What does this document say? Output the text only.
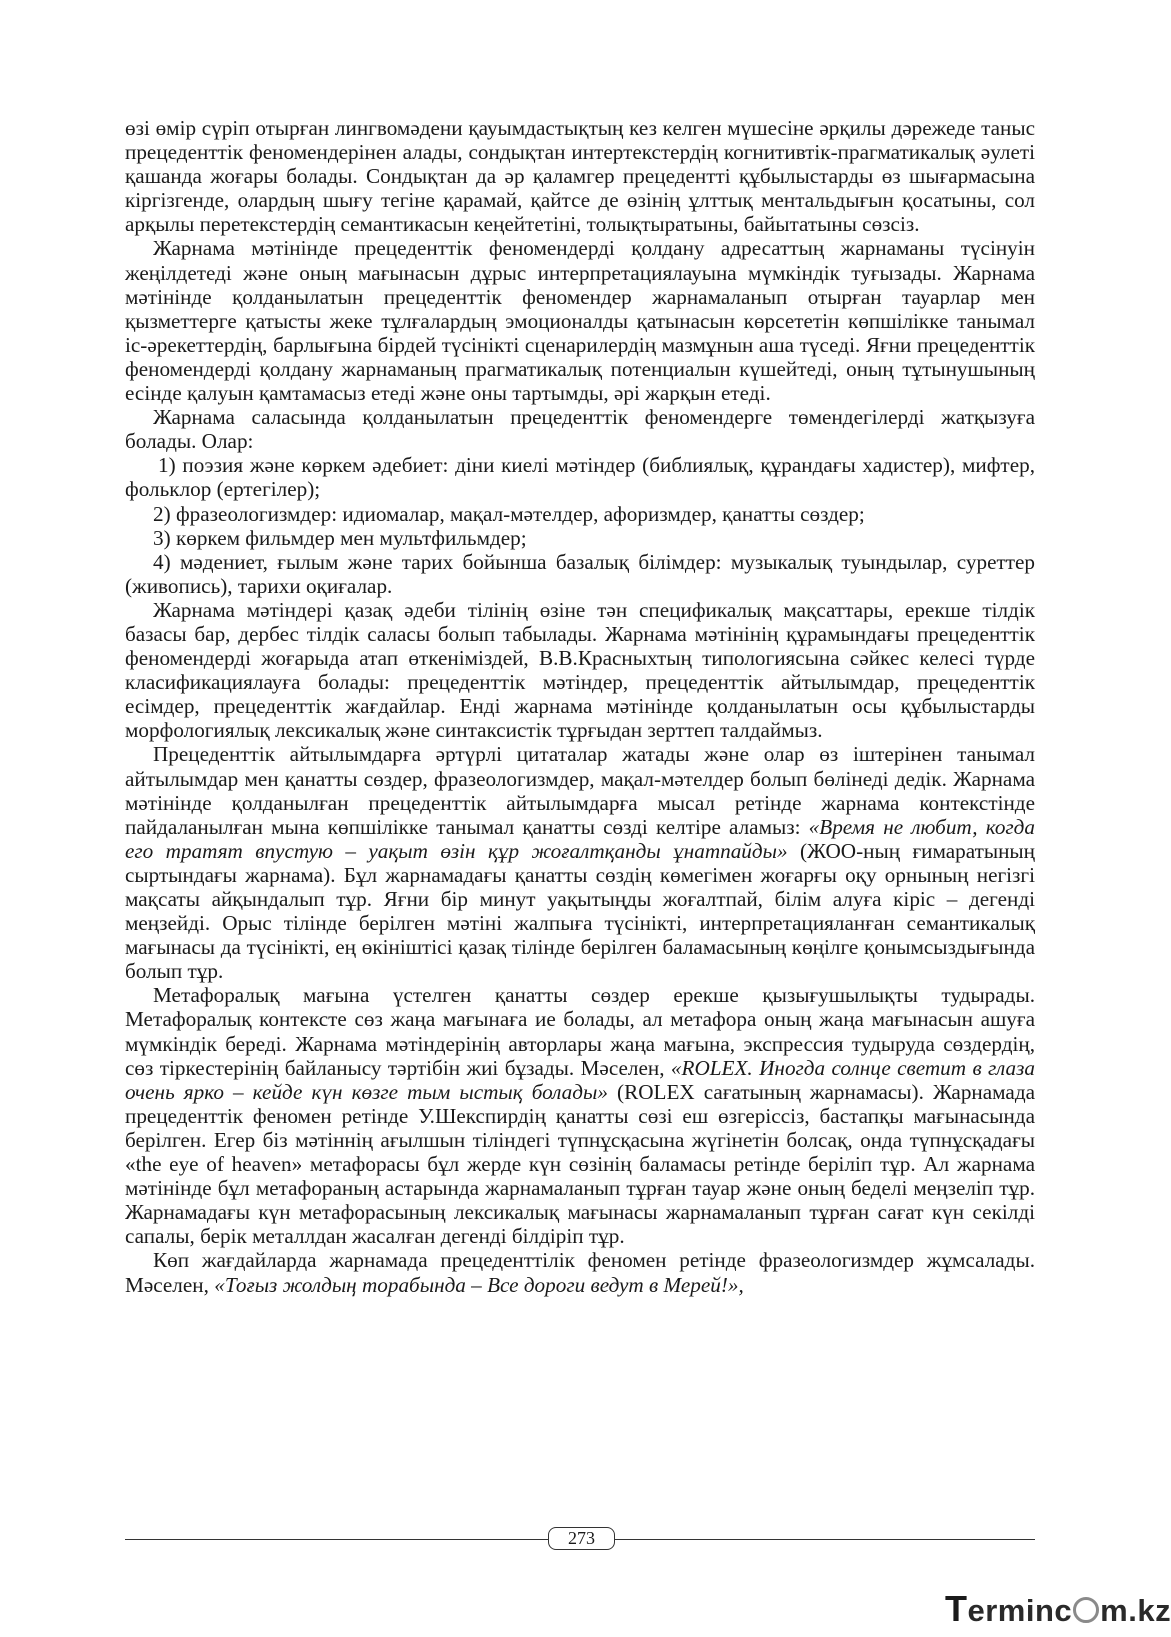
өзі өмір сүріп отырған лингвомәдени қауымдастықтың кез келген мүшесіне әрқилы дәрежеде таныс прецеденттік феномендерінен алады, сондықтан интертекстердің когнитивтік-прагматикалық әулеті қашанда жоғары болады. Сондықтан да әр қаламгер прецедентті құбылыстарды өз шығармасына кіргізгенде, олардың шығу тегіне қарамай, қайтсе де өзінің ұлттық ментальдығын қосатыны, сол арқылы перетекстердің семантикасын кеңейтетіні, толықтыратыны, байытатыны сөзсіз.

Жарнама мәтінінде прецеденттік феномендерді қолдану адресаттың жарнаманы түсінуін жеңілдетеді және оның мағынасын дұрыс интерпретациялауына мүмкіндік туғызады. Жарнама мәтінінде қолданылатын прецеденттік феномендер жарнамаланып отырған тауарлар мен қызметтерге қатысты жеке тұлғалардың эмоционалды қатынасын көрсететін көпшілікке танымал іс-әрекеттердің, барлығына бірдей түсінікті сценарилердің мазмұнын аша түседі. Яғни прецеденттік феномендерді қолдану жарнаманың прагматикалық потенциалын күшейтеді, оның тұтынушының есінде қалуын қамтамасыз етеді және оны тартымды, әрі жарқын етеді.

Жарнама саласында қолданылатын прецеденттік феномендерге төмендегілерді жатқызуға болады. Олар:

1) поэзия және көркем әдебиет: діни киелі мәтіндер (библиялық, құрандағы хадистер), мифтер, фольклор (ертегілер);

2) фразеологизмдер: идиомалар, мақал-мәтелдер, афоризмдер, қанатты сөздер;

3) көркем фильмдер мен мультфильмдер;

4) мәдениет, ғылым және тарих бойынша базалық білімдер: музыкалық туындылар, суреттер (живопись), тарихи оқиғалар.

Жарнама мәтіндері қазақ әдеби тілінің өзіне тән спецификалық мақсаттары, ерекше тілдік базасы бар, дербес тілдік саласы болып табылады. Жарнама мәтінінің құрамындағы прецеденттік феномендерді жоғарыда атап өткеніміздей, В.В.Красныхтың типологиясына сәйкес келесі түрде класификациялауға болады: прецеденттік мәтіндер, прецеденттік айтылымдар, прецеденттік есімдер, прецеденттік жағдайлар. Енді жарнама мәтінінде қолданылатын осы құбылыстарды морфологиялық лексикалық және синтаксистік тұрғыдан зерттеп талдаймыз.

Прецеденттік айтылымдарға әртүрлі цитаталар жатады және олар өз іштерінен танымал айтылымдар мен қанатты сөздер, фразеологизмдер, мақал-мәтелдер болып бөлінеді дедік. Жарнама мәтінінде қолданылған прецеденттік айтылымдарға мысал ретінде жарнама контекстінде пайдаланылған мына көпшілікке танымал қанатты сөзді келтіре аламыз: «Время не любит, когда его тратят впустую – уақыт өзін құр жоғалтқанды ұнатпайды» (ЖОО-ның ғимаратының сыртындағы жарнама). Бұл жарнамадағы қанатты сөздің көмегімен жоғарғы оқу орнының негізгі мақсаты айқындалып тұр. Яғни бір минут уақытыңды жоғалтпай, білім алуға кіріс – дегенді меңзейді. Орыс тілінде берілген мәтіні жалпыға түсінікті, интерпретацияланған семантикалық мағынасы да түсінікті, ең өкініштісі қазақ тілінде берілген баламасының көңілге қонымсыздығында болып тұр.

Метафоралық мағына үстелген қанатты сөздер ерекше қызығушылықты тудырады. Метафоралық контексте сөз жаңа мағынаға ие болады, ал метафора оның жаңа мағынасын ашуға мүмкіндік береді. Жарнама мәтіндерінің авторлары жаңа мағына, экспрессия тудыруда сөздердің, сөз тіркестерінің байланысу тәртібін жиі бұзады. Мәселен, «ROLEX. Иногда солнце светит в глаза очень ярко – кейде күн көзге тым ыстық болады» (ROLEX сағатының жарнамасы). Жарнамада прецеденттік феномен ретінде У.Шекспирдің қанатты сөзі еш өзгеріссіз, бастапқы мағынасында берілген. Егер біз мәтіннің ағылшын тіліндегі түпнұсқасына жүгінетін болсақ, онда түпнұсқадағы «the eye of heaven» метафорасы бұл жерде күн сөзінің баламасы ретінде беріліп тұр. Ал жарнама мәтінінде бұл метафораның астарында жарнамаланып тұрған тауар және оның беделі меңзеліп тұр. Жарнамадағы күн метафорасының лексикалық мағынасы жарнамаланып тұрған сағат күн секілді сапалы, берік металлдан жасалған дегенді білдіріп тұр.

Көп жағдайларда жарнамада прецеденттілік феномен ретінде фразеологизмдер жұмсалады. Мәселен, «Тоғыз жолдың торабында – Все дороги ведут в Мерей!»,

273
Terminc m.kz
